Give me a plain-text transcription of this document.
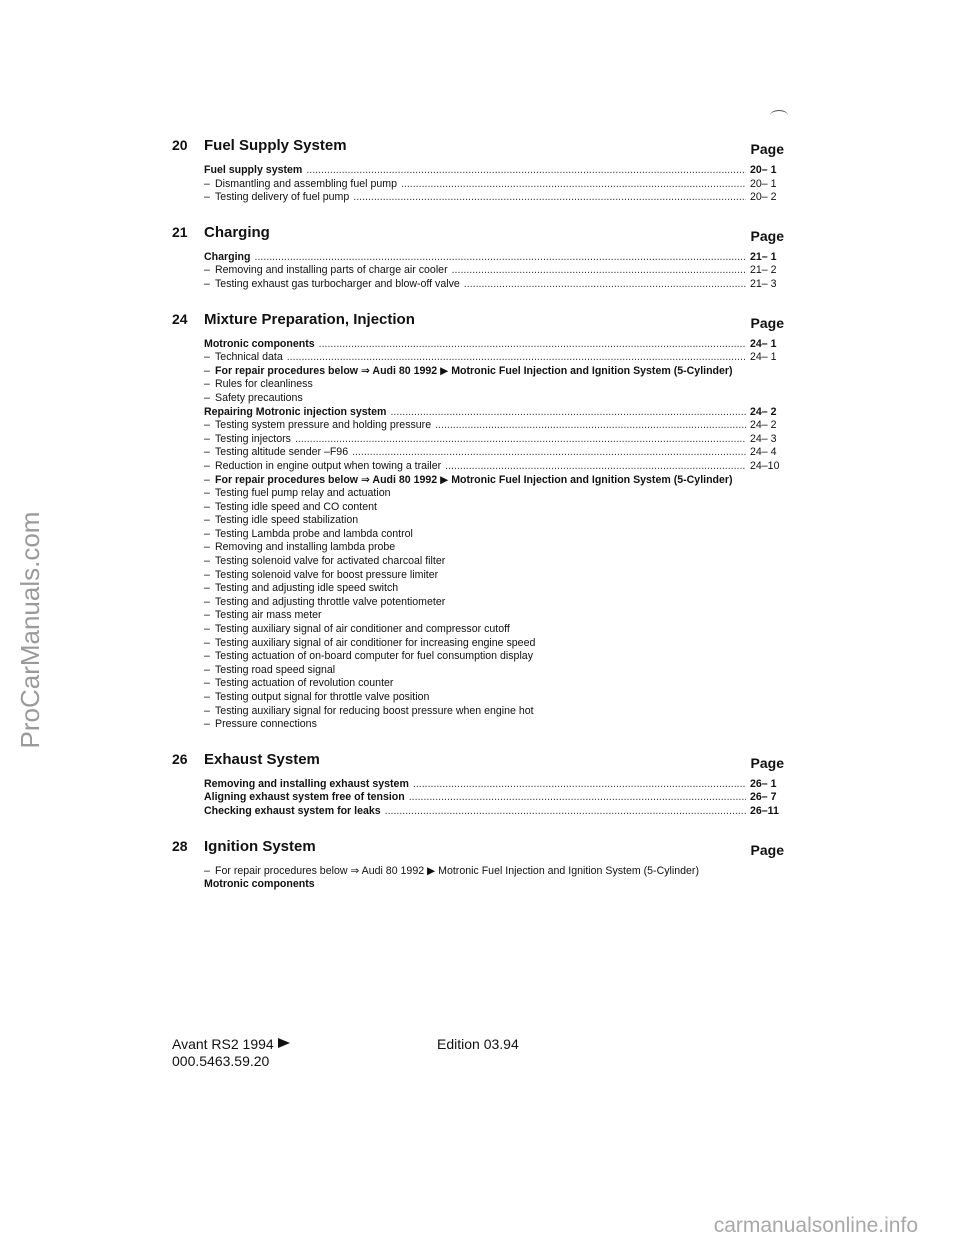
ProCarManuals.com
carmanualsonline.info
20 Fuel Supply System	Page
Fuel supply system .....	20– 1
– Dismantling and assembling fuel pump .....	20– 1
– Testing delivery of fuel pump .....	20– 2
21 Charging	Page
Charging .....	21– 1
– Removing and installing parts of charge air cooler .....	21– 2
– Testing exhaust gas turbocharger and blow-off valve .....	21– 3
24 Mixture Preparation, Injection	Page
Motronic components .....	24– 1
– Technical data .....	24– 1
– For repair procedures below ⇒ Audi 80 1992 ▶ Motronic Fuel Injection and Ignition System (5-Cylinder)
– Rules for cleanliness
– Safety precautions
Repairing Motronic injection system .....	24– 2
– Testing system pressure and holding pressure .....	24– 2
– Testing injectors .....	24– 3
– Testing altitude sender –F96 .....	24– 4
– Reduction in engine output when towing a trailer .....	24–10
– For repair procedures below ⇒ Audi 80 1992 ▶ Motronic Fuel Injection and Ignition System (5-Cylinder)
– Testing fuel pump relay and actuation
– Testing idle speed and CO content
– Testing idle speed stabilization
– Testing Lambda probe and lambda control
– Removing and installing lambda probe
– Testing solenoid valve for activated charcoal filter
– Testing solenoid valve for boost pressure limiter
– Testing and adjusting idle speed switch
– Testing and adjusting throttle valve potentiometer
– Testing air mass meter
– Testing auxiliary signal of air conditioner and compressor cutoff
– Testing auxiliary signal of air conditioner for increasing engine speed
– Testing actuation of on-board computer for fuel consumption display
– Testing road speed signal
– Testing actuation of revolution counter
– Testing output signal for throttle valve position
– Testing auxiliary signal for reducing boost pressure when engine hot
– Pressure connections
26 Exhaust System	Page
Removing and installing exhaust system .....	26– 1
Aligning exhaust system free of tension .....	26– 7
Checking exhaust system for leaks .....	26–11
28 Ignition System	Page
– For repair procedures below ⇒ Audi 80 1992 ▶ Motronic Fuel Injection and Ignition System (5-Cylinder)
Motronic components
Avant RS2 1994
000.5463.59.20
Edition 03.94
